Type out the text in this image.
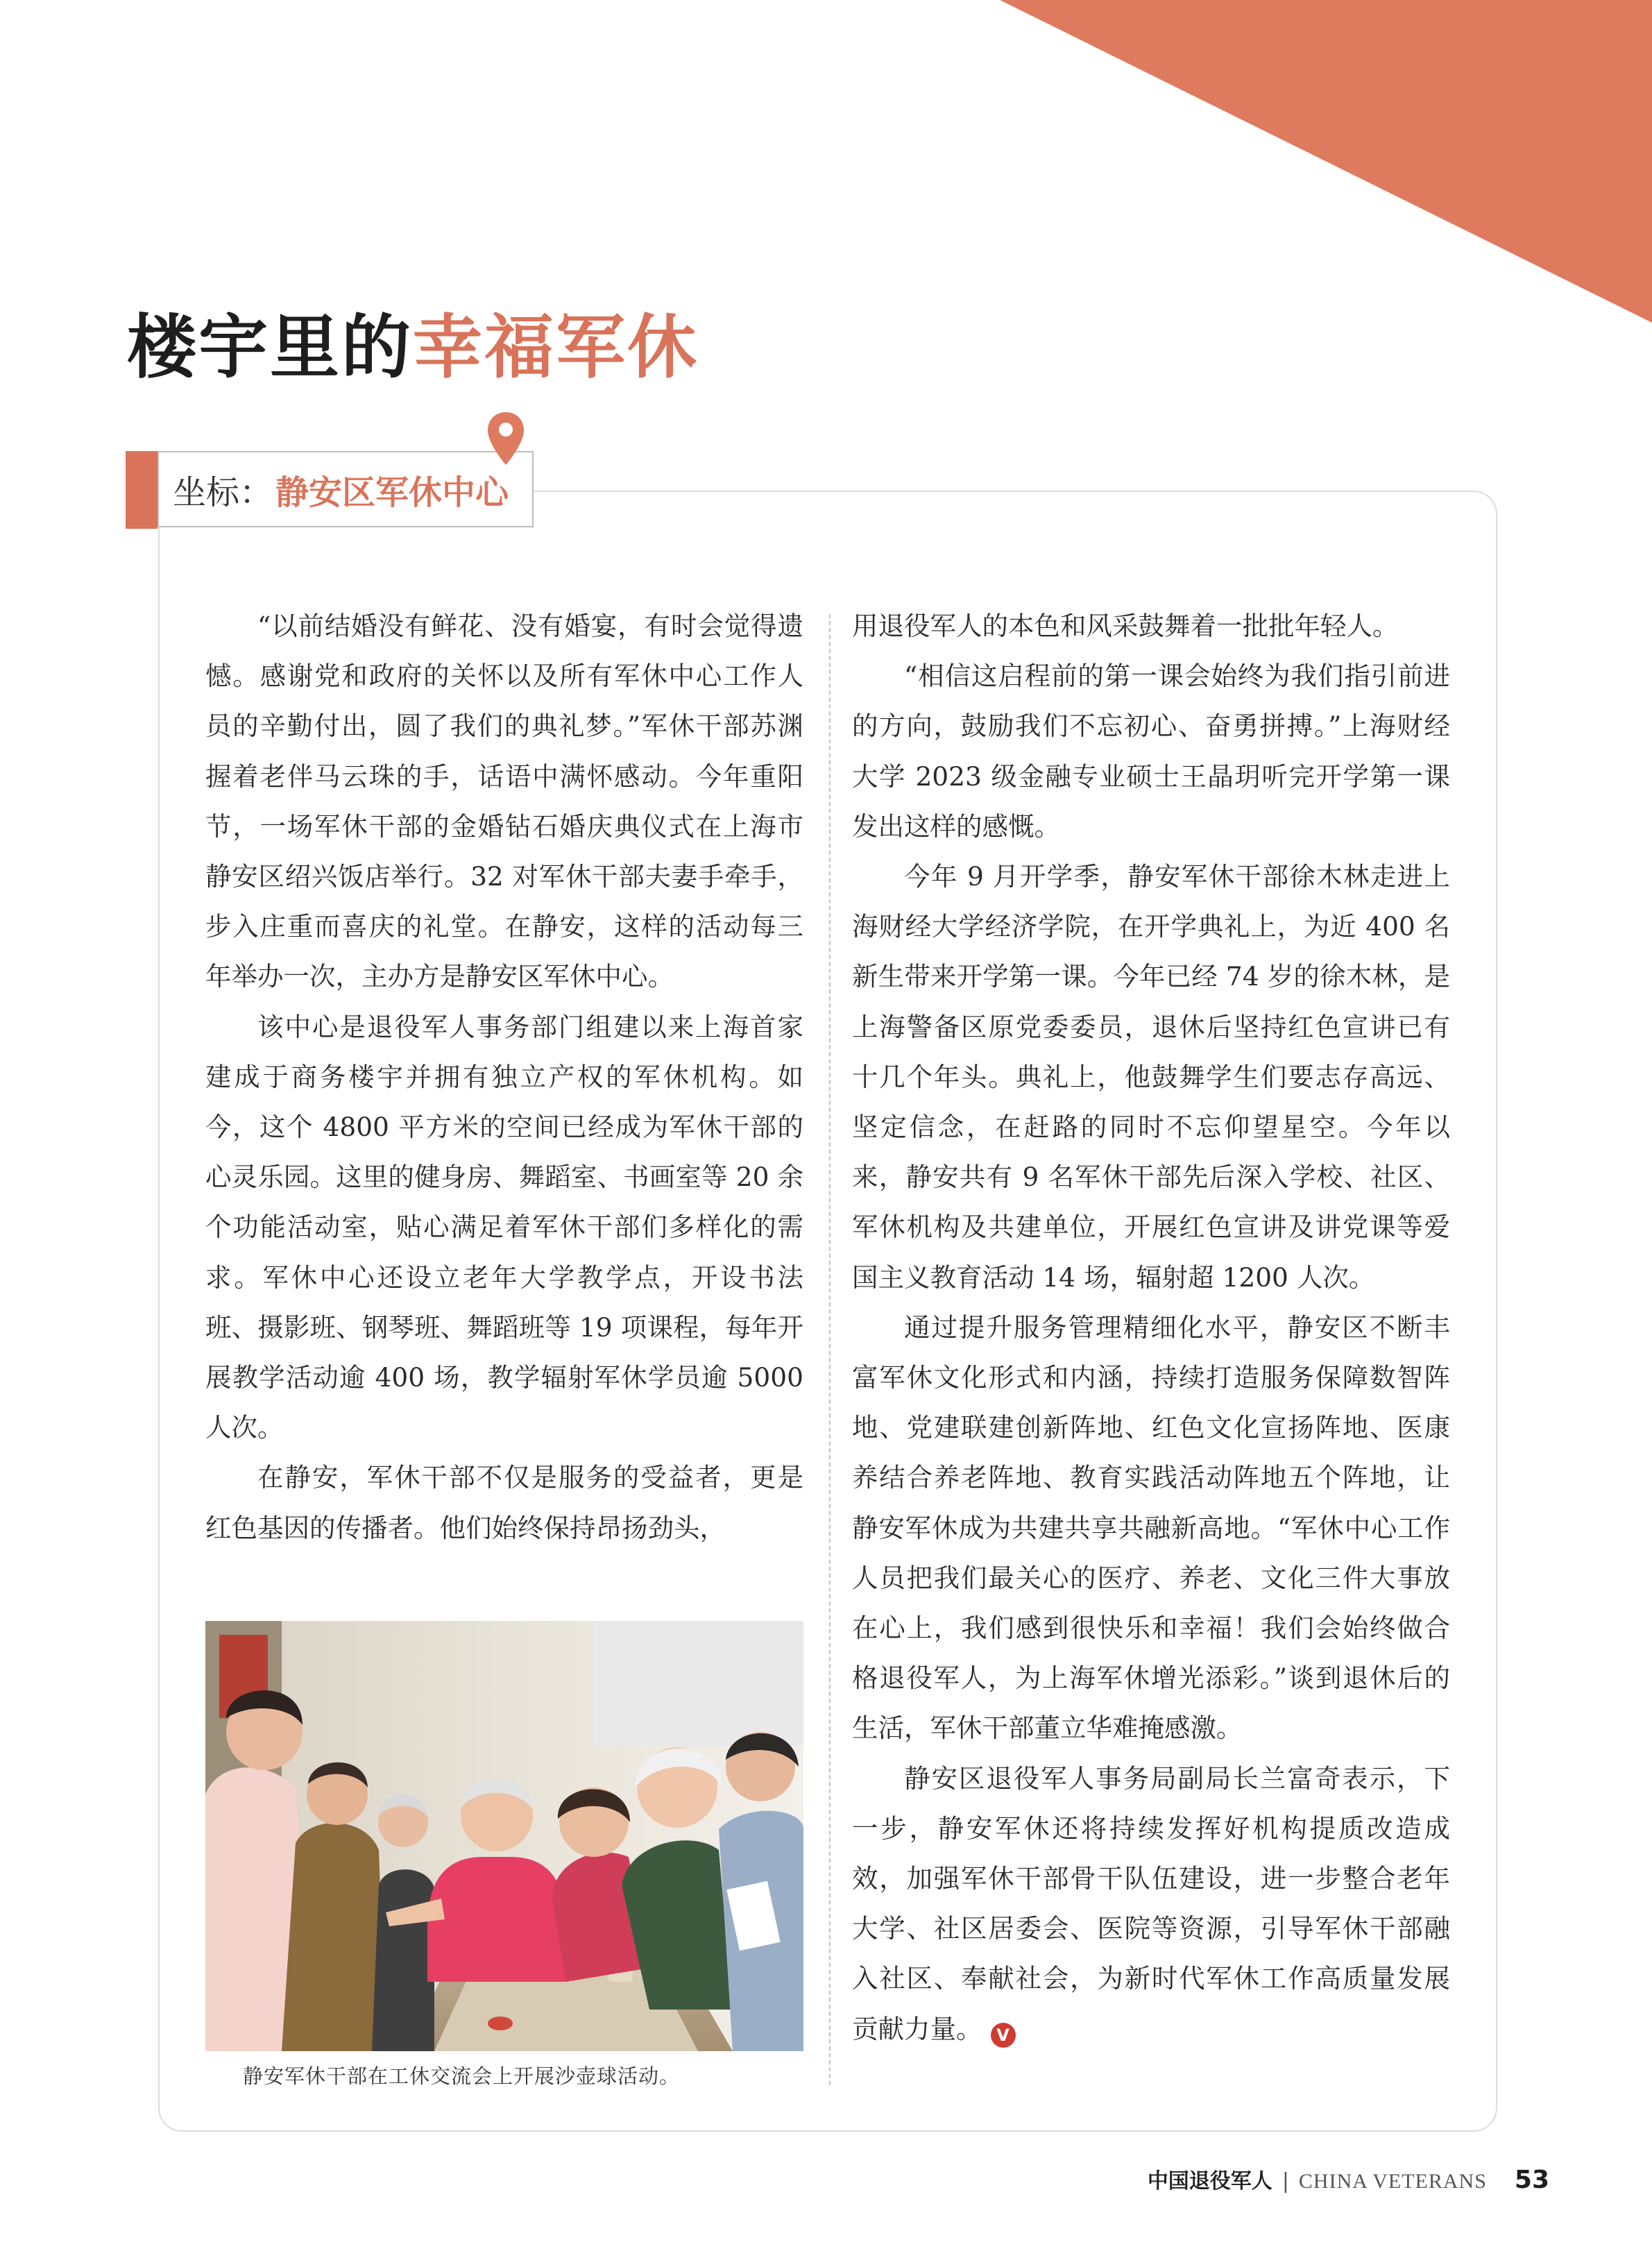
楼宇里的幸福军休
坐标： 静安区军休中心

“以前结婚没有鲜花、没有婚宴，有时会觉得遗憾。感谢党和政府的关怀以及所有军休中心工作人员的辛勤付出，圆了我们的典礼梦。”军休干部苏渊握着老伴马云珠的手，话语中满怀感动。今年重阳节，一场军休干部的金婚钻石婚庆典仪式在上海市静安区绍兴饭店举行。32 对军休干部夫妻手牵手，步入庄重而喜庆的礼堂。在静安，这样的活动每三年举办一次，主办方是静安区军休中心。

该中心是退役军人事务部门组建以来上海首家建成于商务楼宇并拥有独立产权的军休机构。如今，这个 4800 平方米的空间已经成为军休干部的心灵乐园。这里的健身房、舞蹈室、书画室等 20 余个功能活动室，贴心满足着军休干部们多样化的需求。军休中心还设立老年大学教学点，开设书法班、摄影班、钢琴班、舞蹈班等 19 项课程，每年开展教学活动逾 400 场，教学辐射军休学员逾 5000 人次。

在静安，军休干部不仅是服务的受益者，更是红色基因的传播者。他们始终保持昂扬劲头，

用退役军人的本色和风采鼓舞着一批批年轻人。

“相信这启程前的第一课会始终为我们指引前进的方向，鼓励我们不忘初心、奋勇拼搏。”上海财经大学 2023 级金融专业硕士王晶玥听完开学第一课发出这样的感慨。

今年 9 月开学季，静安军休干部徐木林走进上海财经大学经济学院，在开学典礼上，为近 400 名新生带来开学第一课。今年已经 74 岁的徐木林，是上海警备区原党委委员，退休后坚持红色宣讲已有十几个年头。典礼上，他鼓舞学生们要志存高远、坚定信念，在赶路的同时不忘仰望星空。今年以来，静安共有 9 名军休干部先后深入学校、社区、军休机构及共建单位，开展红色宣讲及讲党课等爱国主义教育活动 14 场，辐射超 1200 人次。

通过提升服务管理精细化水平，静安区不断丰富军休文化形式和内涵，持续打造服务保障数智阵地、党建联建创新阵地、红色文化宣扬阵地、医康养结合养老阵地、教育实践活动阵地五个阵地，让静安军休成为共建共享共融新高地。“军休中心工作人员把我们最关心的医疗、养老、文化三件大事放在心上，我们感到很快乐和幸福！我们会始终做合格退役军人，为上海军休增光添彩。”谈到退休后的生活，军休干部董立华难掩感激。

静安区退役军人事务局副局长兰富奇表示，下一步，静安军休还将持续发挥好机构提质改造成效，加强军休干部骨干队伍建设，进一步整合老年大学、社区居委会、医院等资源，引导军休干部融入社区、奉献社会，为新时代军休工作高质量发展贡献力量。 V

静安军休干部在工休交流会上开展沙壶球活动。

中国退役军人 | CHINA VETERANS 53
